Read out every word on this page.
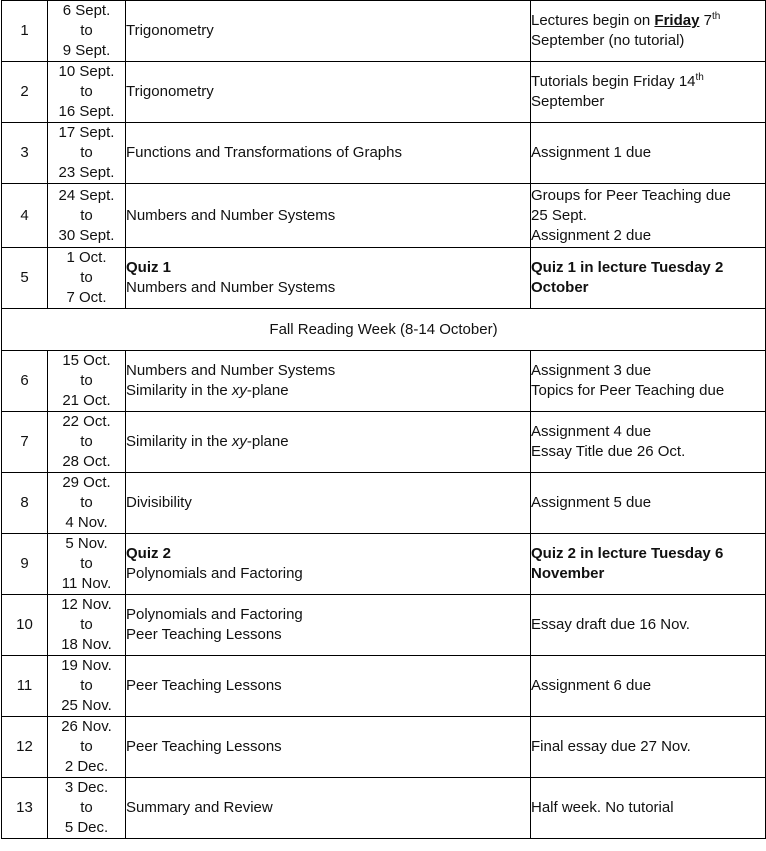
1	6 Sept.
to
9 Sept.	Trigonometry	Lectures begin on Friday 7th
September (no tutorial)

2	10 Sept.
to
16 Sept.	Trigonometry	Tutorials begin Friday 14th
September

3	17 Sept.
to
23 Sept.	Functions and Transformations of Graphs	Assignment 1 due

4	24 Sept.
to
30 Sept.	Numbers and Number Systems	Groups for Peer Teaching due
25 Sept.
Assignment 2 due

5	1 Oct.
to
7 Oct.	Quiz 1
Numbers and Number Systems	Quiz 1 in lecture Tuesday 2
October

Fall Reading Week (8-14 October)			
6	15 Oct.
to
21 Oct.	Numbers and Number Systems
Similarity in the xy-plane	Assignment 3 due
Topics for Peer Teaching due

7	22 Oct.
to
28 Oct.	Similarity in the xy-plane	Assignment 4 due
Essay Title due 26 Oct.

8	29 Oct.
to
4 Nov.	Divisibility	Assignment 5 due

9	5 Nov.
to
11 Nov.	Quiz 2
Polynomials and Factoring	Quiz 2 in lecture Tuesday 6
November

10	12 Nov.
to
18 Nov.	Polynomials and Factoring
Peer Teaching Lessons	Essay draft due 16 Nov.

11	19 Nov.
to
25 Nov.	Peer Teaching Lessons	Assignment 6 due

12	26 Nov.
to
2 Dec.	Peer Teaching Lessons	Final essay due 27 Nov.

13	3 Dec.
to
5 Dec.	Summary and Review	Half week. No tutorial
